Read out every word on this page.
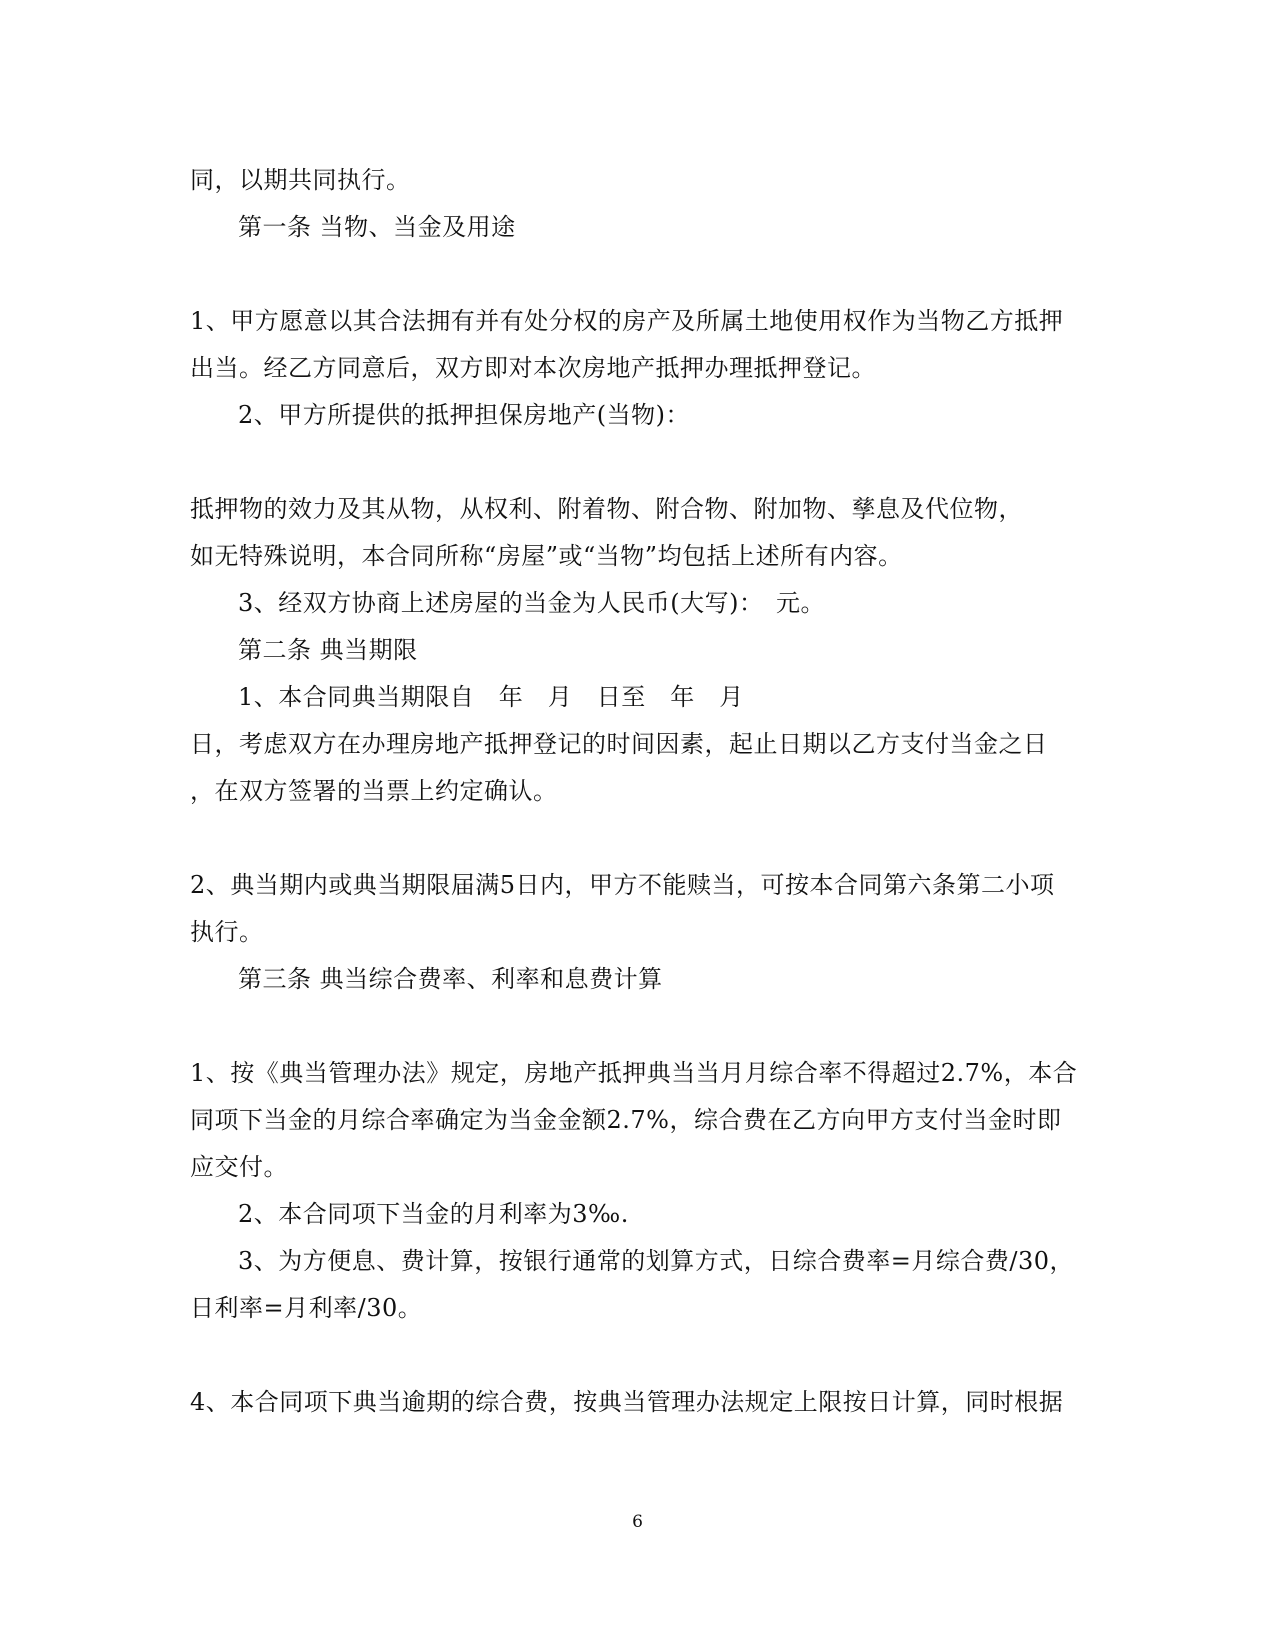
同，以期共同执行。
第一条 当物、当金及用途
1、甲方愿意以其合法拥有并有处分权的房产及所属土地使用权作为当物乙方抵押
出当。经乙方同意后，双方即对本次房地产抵押办理抵押登记。
2、甲方所提供的抵押担保房地产(当物)：
抵押物的效力及其从物，从权利、附着物、附合物、附加物、孳息及代位物，
如无特殊说明，本合同所称“房屋”或“当物”均包括上述所有内容。
3、经双方协商上述房屋的当金为人民币(大写)：　元。
第二条 典当期限
1、本合同典当期限自　年　月　日至　年　月
日，考虑双方在办理房地产抵押登记的时间因素，起止日期以乙方支付当金之日
，在双方签署的当票上约定确认。
2、典当期内或典当期限届满5日内，甲方不能赎当，可按本合同第六条第二小项
执行。
第三条 典当综合费率、利率和息费计算
1、按《典当管理办法》规定，房地产抵押典当当月月综合率不得超过2.7%，本合
同项下当金的月综合率确定为当金金额2.7%，综合费在乙方向甲方支付当金时即
应交付。
2、本合同项下当金的月利率为3‰.
3、为方便息、费计算，按银行通常的划算方式，日综合费率=月综合费/30，
日利率=月利率/30。
4、本合同项下典当逾期的综合费，按典当管理办法规定上限按日计算，同时根据
6
